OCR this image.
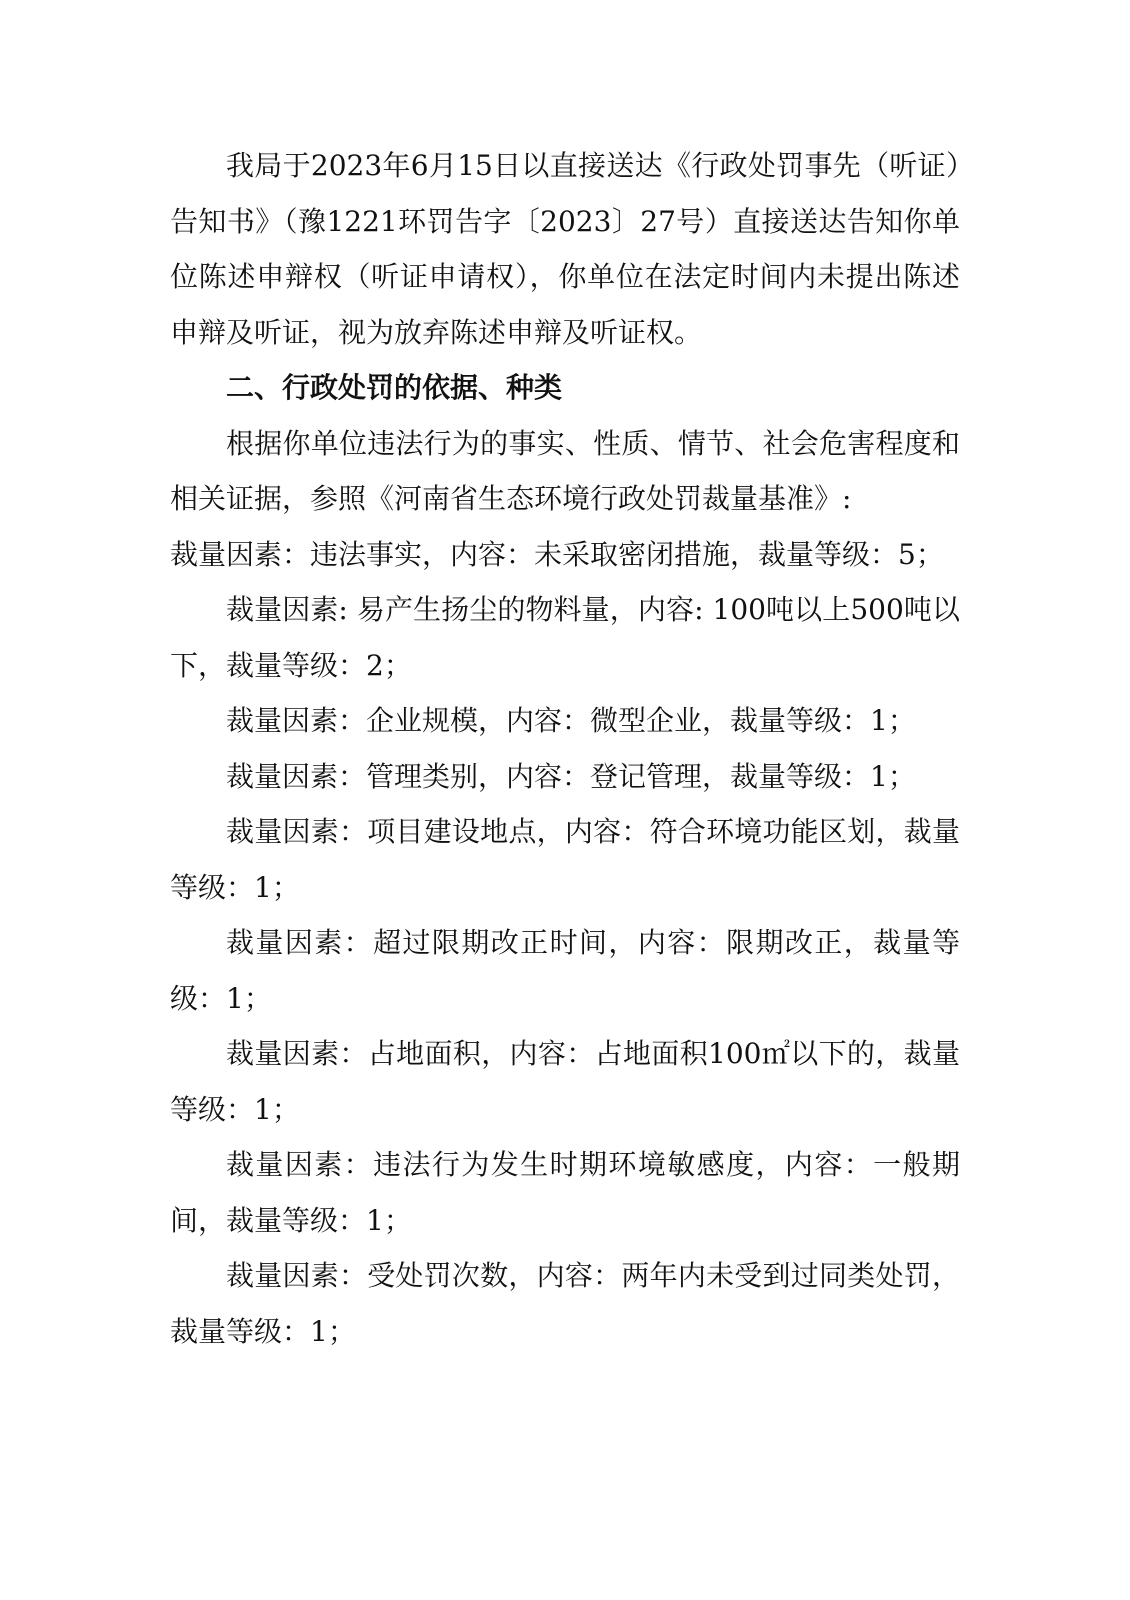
我局于2023年6月15日以直接送达《行政处罚事先（听证）告知书》（豫1221环罚告字〔2023〕27号）直接送达告知你单位陈述申辩权（听证申请权），你单位在法定时间内未提出陈述申辩及听证，视为放弃陈述申辩及听证权。

二、行政处罚的依据、种类

根据你单位违法行为的事实、性质、情节、社会危害程度和相关证据，参照《河南省生态环境行政处罚裁量基准》:

裁量因素：违法事实，内容：未采取密闭措施，裁量等级：5；

裁量因素: 易产生扬尘的物料量，内容: 100吨以上500吨以下，裁量等级：2；

裁量因素：企业规模，内容：微型企业，裁量等级：1；

裁量因素：管理类别，内容：登记管理，裁量等级：1；

裁量因素：项目建设地点，内容：符合环境功能区划，裁量等级：1；

裁量因素：超过限期改正时间，内容：限期改正，裁量等级：1；

裁量因素：占地面积，内容：占地面积100㎡以下的，裁量等级：1；

裁量因素：违法行为发生时期环境敏感度，内容：一般期间，裁量等级：1；

裁量因素：受处罚次数，内容：两年内未受到过同类处罚，裁量等级：1；
